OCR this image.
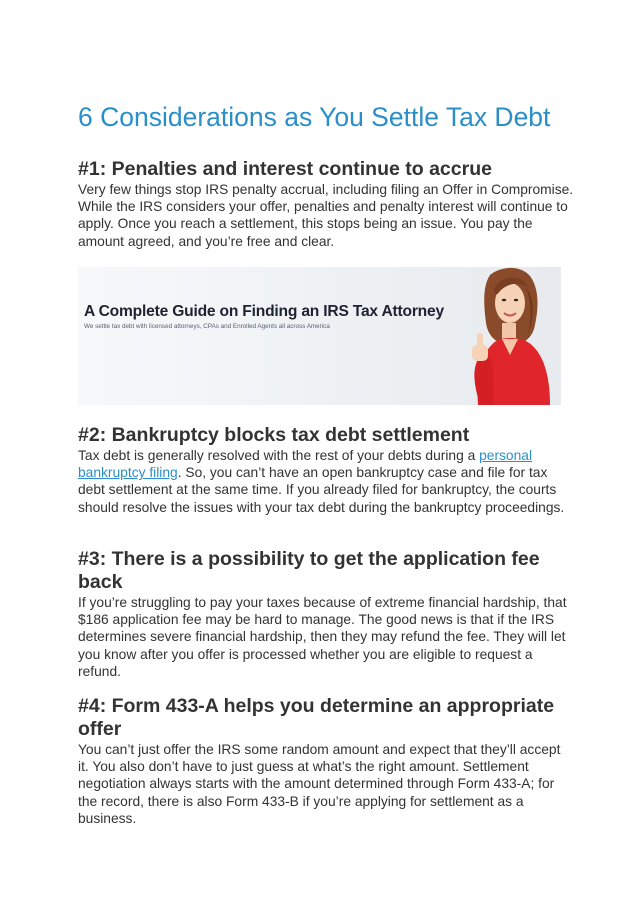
6 Considerations as You Settle Tax Debt
#1: Penalties and interest continue to accrue

Very few things stop IRS penalty accrual, including filing an Offer in Compromise. While the IRS considers your offer, penalties and penalty interest will continue to apply. Once you reach a settlement, this stops being an issue. You pay the amount agreed, and you’re free and clear.

A Complete Guide on Finding an IRS Tax Attorney
We settle tax debt with licensed attorneys, CPAs and Enrolled Agents all across America
#2: Bankruptcy blocks tax debt settlement

Tax debt is generally resolved with the rest of your debts during a personal bankruptcy filing. So, you can’t have an open bankruptcy case and file for tax debt settlement at the same time. If you already filed for bankruptcy, the courts should resolve the issues with your tax debt during the bankruptcy proceedings.

#3: There is a possibility to get the application fee back

If you’re struggling to pay your taxes because of extreme financial hardship, that $186 application fee may be hard to manage. The good news is that if the IRS determines severe financial hardship, then they may refund the fee. They will let you know after you offer is processed whether you are eligible to request a refund.

#4: Form 433-A helps you determine an appropriate offer

You can’t just offer the IRS some random amount and expect that they’ll accept it. You also don’t have to just guess at what’s the right amount. Settlement negotiation always starts with the amount determined through Form 433-A; for the record, there is also Form 433-B if you’re applying for settlement as a business.
